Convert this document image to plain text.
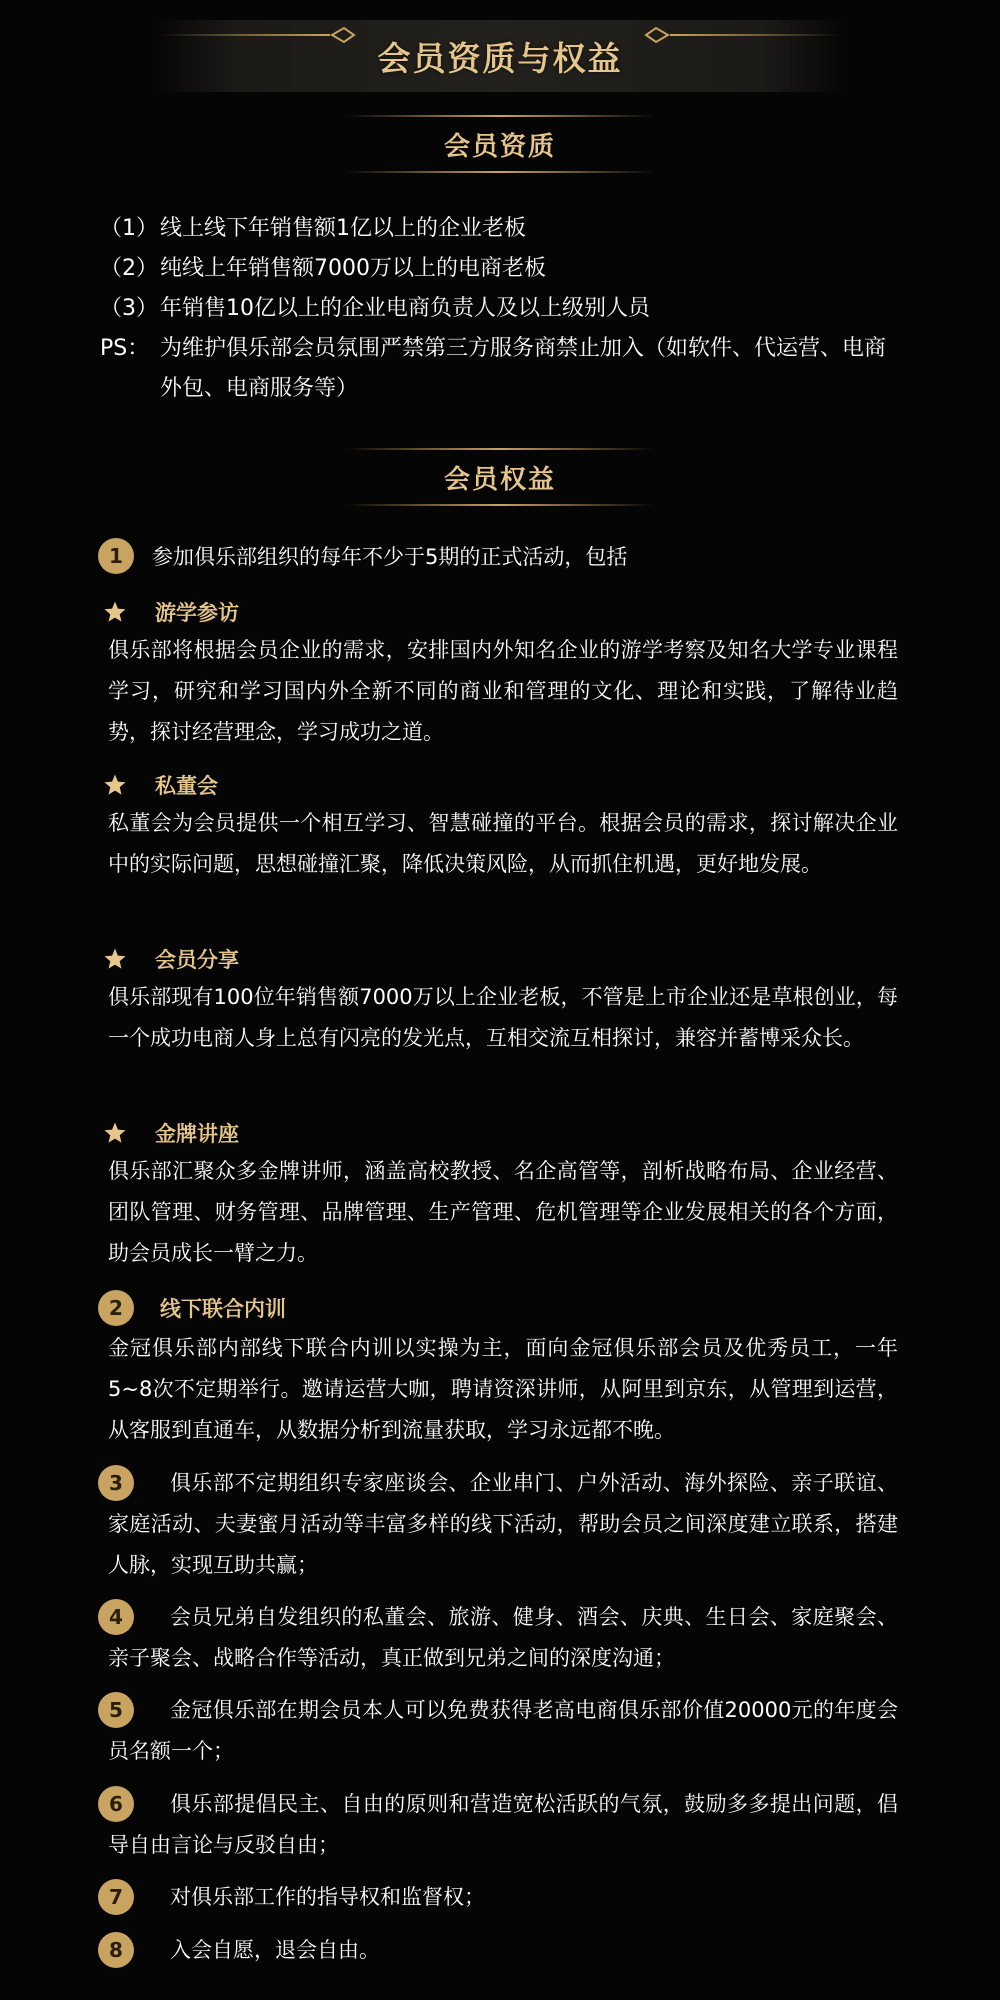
会员资质与权益
会员资质
（1） 线上线下年销售额1亿以上的企业老板
（2） 纯线上年销售额7000万以上的电商老板
（3） 年销售10亿以上的企业电商负责人及以上级别人员
PS： 为维护俱乐部会员氛围严禁第三方服务商禁止加入（如软件、代运营、电商外包、电商服务等）
会员权益
1	参加俱乐部组织的每年不少于5期的正式活动，包括
游学参访
俱乐部将根据会员企业的需求，安排国内外知名企业的游学考察及知名大学专业课程学习，研究和学习国内外全新不同的商业和管理的文化、理论和实践，了解待业趋势，探讨经营理念，学习成功之道。
私董会
私董会为会员提供一个相互学习、智慧碰撞的平台。根据会员的需求，探讨解决企业中的实际问题，思想碰撞汇聚，降低决策风险，从而抓住机遇，更好地发展。
会员分享
俱乐部现有100位年销售额7000万以上企业老板，不管是上市企业还是草根创业，每一个成功电商人身上总有闪亮的发光点，互相交流互相探讨，兼容并蓄博采众长。
金牌讲座
俱乐部汇聚众多金牌讲师，涵盖高校教授、名企高管等，剖析战略布局、企业经营、团队管理、财务管理、品牌管理、生产管理、危机管理等企业发展相关的各个方面，助会员成长一臂之力。
2	线下联合内训
金冠俱乐部内部线下联合内训以实操为主，面向金冠俱乐部会员及优秀员工，一年5~8次不定期举行。邀请运营大咖，聘请资深讲师，从阿里到京东，从管理到运营，从客服到直通车，从数据分析到流量获取，学习永远都不晚。
3	俱乐部不定期组织专家座谈会、企业串门、户外活动、海外探险、亲子联谊、家庭活动、夫妻蜜月活动等丰富多样的线下活动，帮助会员之间深度建立联系，搭建人脉，实现互助共赢；
4	会员兄弟自发组织的私董会、旅游、健身、酒会、庆典、生日会、家庭聚会、亲子聚会、战略合作等活动，真正做到兄弟之间的深度沟通；
5	金冠俱乐部在期会员本人可以免费获得老高电商俱乐部价值20000元的年度会员名额一个；
6	俱乐部提倡民主、自由的原则和营造宽松活跃的气氛，鼓励多多提出问题，倡导自由言论与反驳自由；
7	对俱乐部工作的指导权和监督权；
8	入会自愿，退会自由。
